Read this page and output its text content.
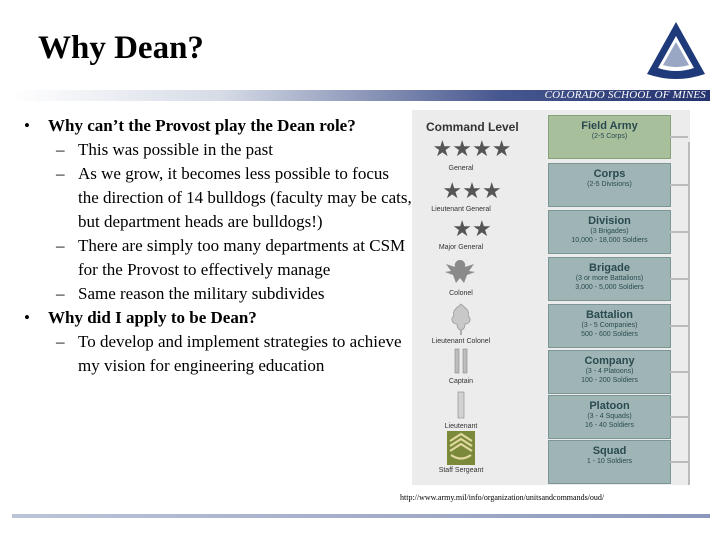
Why Dean?
COLORADO SCHOOL OF MINES
• Why can’t the Provost play the Dean role?
– This was possible in the past
– As we grow, it becomes less possible to focus the direction of 14 bulldogs (faculty may be cats, but department heads are bulldogs!)
– There are simply too many departments at CSM for the Provost to effectively manage
– Same reason the military subdivides
• Why did I apply to be Dean?
– To develop and implement strategies to achieve my vision for engineering education
Command Level
★★★★
General
★★★
Lieutenant General
★★
Major General
Colonel
Lieutenant Colonel
Captain
Lieutenant
Staff Sergeant
Field Army
(2-5 Corps)
Corps
(2-5 Divisions)
Division
(3 Brigades)
10,000 - 18,000 Soldiers
Brigade
(3 or more Battalions)
3,000 - 5,000 Soldiers
Battalion
(3 - 5 Companies)
500 - 600 Soldiers
Company
(3 - 4 Platoons)
100 - 200 Soldiers
Platoon
(3 - 4 Squads)
16 - 40 Soldiers
Squad
1 - 10 Soldiers
http://www.army.mil/info/organization/unitsandcommands/oud/
